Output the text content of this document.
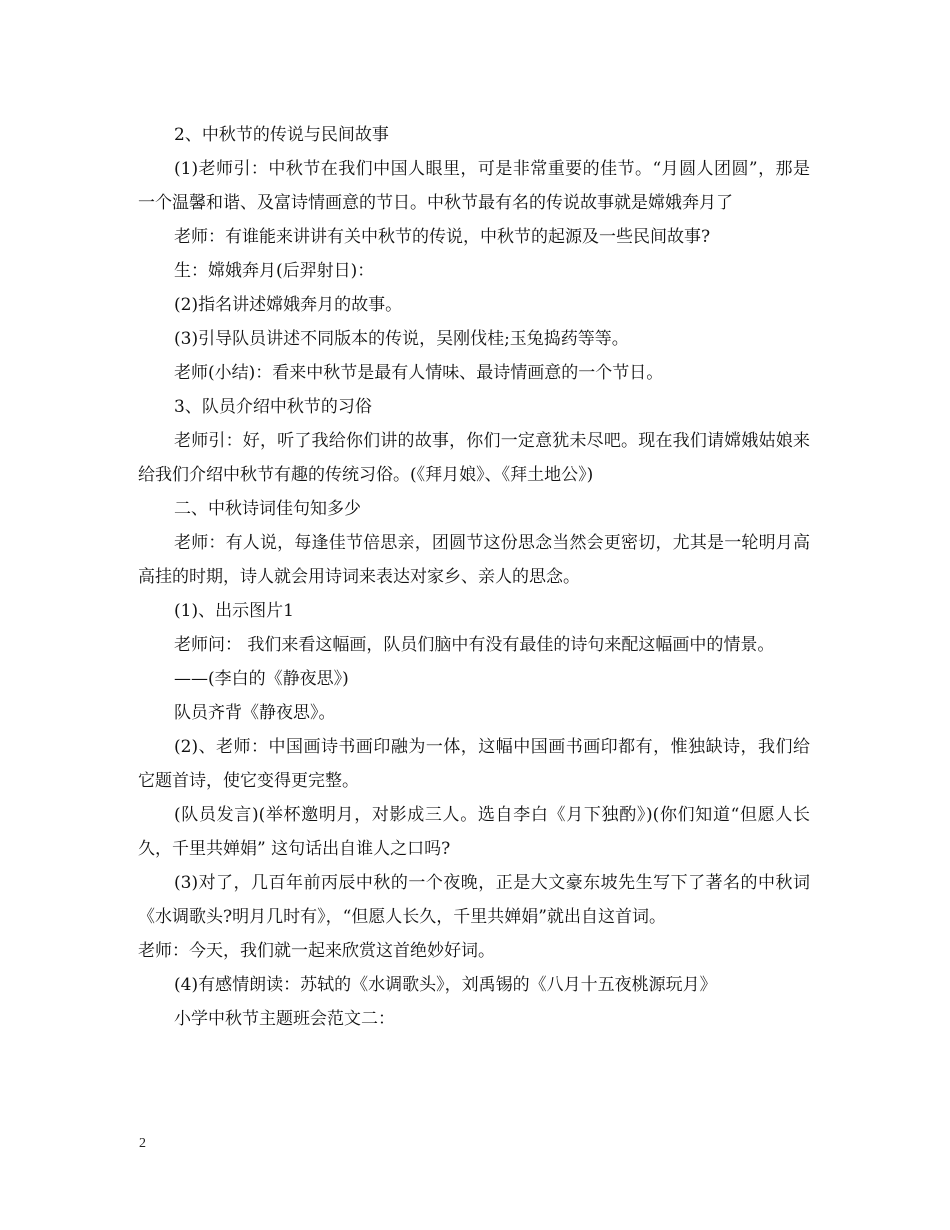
2、中秋节的传说与民间故事

(1)老师引：中秋节在我们中国人眼里，可是非常重要的佳节。“月圆人团圆”，那是一个温馨和谐、及富诗情画意的节日。中秋节最有名的传说故事就是嫦娥奔月了

老师：有谁能来讲讲有关中秋节的传说，中秋节的起源及一些民间故事?

生：嫦娥奔月(后羿射日)：

(2)指名讲述嫦娥奔月的故事。

(3)引导队员讲述不同版本的传说，吴刚伐桂;玉兔捣药等等。

老师(小结)：看来中秋节是最有人情味、最诗情画意的一个节日。

3、队员介绍中秋节的习俗

老师引：好，听了我给你们讲的故事，你们一定意犹未尽吧。现在我们请嫦娥姑娘来给我们介绍中秋节有趣的传统习俗。(《拜月娘》、《拜土地公》)

二、中秋诗词佳句知多少

老师：有人说，每逢佳节倍思亲，团圆节这份思念当然会更密切，尤其是一轮明月高高挂的时期，诗人就会用诗词来表达对家乡、亲人的思念。

(1)、出示图片1

老师问： 我们来看这幅画，队员们脑中有没有最佳的诗句来配这幅画中的情景。

——(李白的《静夜思》)

队员齐背《静夜思》。

(2)、老师：中国画诗书画印融为一体，这幅中国画书画印都有，惟独缺诗，我们给它题首诗，使它变得更完整。

(队员发言)(举杯邀明月，对影成三人。选自李白《月下独酌》)(你们知道“但愿人长久，千里共婵娟” 这句话出自谁人之口吗?

(3)对了，几百年前丙辰中秋的一个夜晚，正是大文豪东坡先生写下了著名的中秋词《水调歌头?明月几时有》，“但愿人长久，千里共婵娟”就出自这首词。

老师：今天，我们就一起来欣赏这首绝妙好词。

(4)有感情朗读：苏轼的《水调歌头》，刘禹锡的《八月十五夜桃源玩月》

小学中秋节主题班会范文二：

2
